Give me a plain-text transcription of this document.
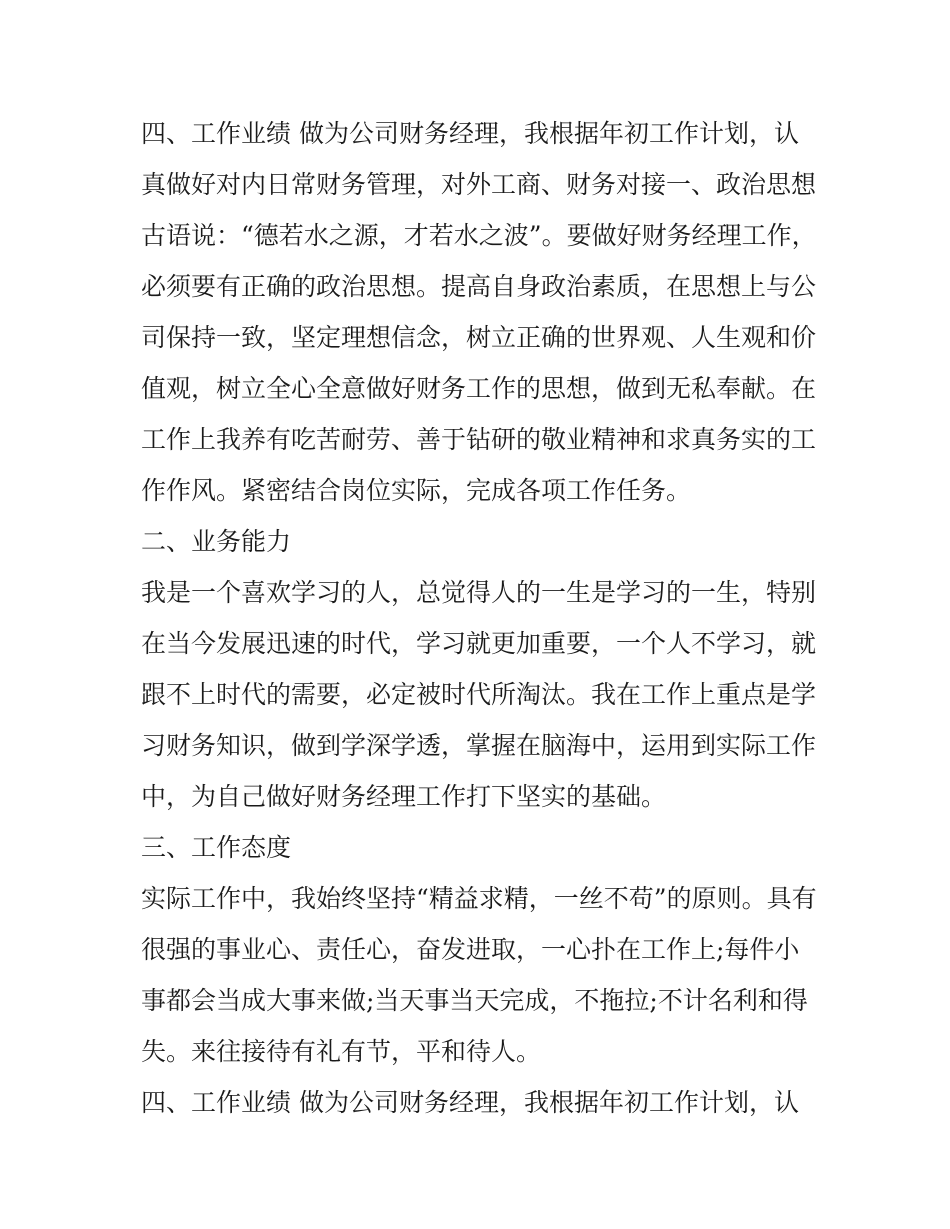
四、工作业绩 做为公司财务经理，我根据年初工作计划，认
真做好对内日常财务管理，对外工商、财务对接一、政治思想
古语说：“德若水之源，才若水之波”。要做好财务经理工作，
必须要有正确的政治思想。提高自身政治素质，在思想上与公
司保持一致，坚定理想信念，树立正确的世界观、人生观和价
值观，树立全心全意做好财务工作的思想，做到无私奉献。在
工作上我养有吃苦耐劳、善于钻研的敬业精神和求真务实的工
作作风。紧密结合岗位实际，完成各项工作任务。
二、业务能力
我是一个喜欢学习的人，总觉得人的一生是学习的一生，特别
在当今发展迅速的时代，学习就更加重要，一个人不学习，就
跟不上时代的需要，必定被时代所淘汰。我在工作上重点是学
习财务知识，做到学深学透，掌握在脑海中，运用到实际工作
中，为自己做好财务经理工作打下坚实的基础。
三、工作态度
实际工作中，我始终坚持“精益求精，一丝不苟”的原则。具有
很强的事业心、责任心，奋发进取，一心扑在工作上;每件小
事都会当成大事来做;当天事当天完成，不拖拉;不计名利和得
失。来往接待有礼有节，平和待人。
四、工作业绩 做为公司财务经理，我根据年初工作计划，认
